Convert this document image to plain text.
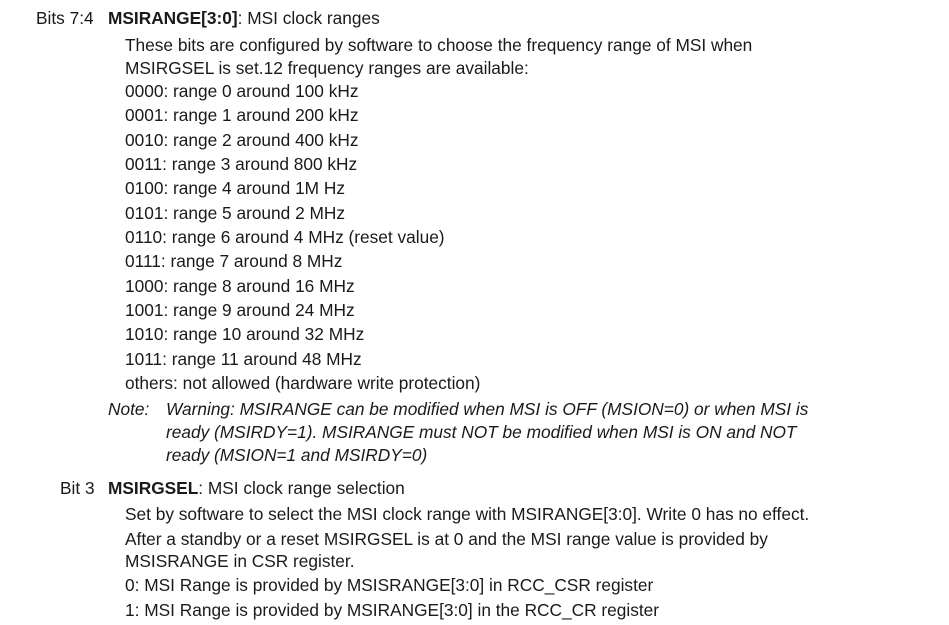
Bits 7:4 MSIRANGE[3:0]: MSI clock ranges
These bits are configured by software to choose the frequency range of MSI when
MSIRGSEL is set.12 frequency ranges are available:
0000: range 0 around 100 kHz
0001: range 1 around 200 kHz
0010: range 2 around 400 kHz
0011: range 3 around 800 kHz
0100: range 4 around 1M Hz
0101: range 5 around 2 MHz
0110: range 6 around 4 MHz (reset value)
0111: range 7 around 8 MHz
1000: range 8 around 16 MHz
1001: range 9 around 24 MHz
1010: range 10 around 32 MHz
1011: range 11 around 48 MHz
others: not allowed (hardware write protection)
Note: Warning: MSIRANGE can be modified when MSI is OFF (MSION=0) or when MSI is
ready (MSIRDY=1). MSIRANGE must NOT be modified when MSI is ON and NOT
ready (MSION=1 and MSIRDY=0)
Bit 3 MSIRGSEL: MSI clock range selection
Set by software to select the MSI clock range with MSIRANGE[3:0]. Write 0 has no effect.
After a standby or a reset MSIRGSEL is at 0 and the MSI range value is provided by
MSISRANGE in CSR register.
0: MSI Range is provided by MSISRANGE[3:0] in RCC_CSR register
1: MSI Range is provided by MSIRANGE[3:0] in the RCC_CR register
